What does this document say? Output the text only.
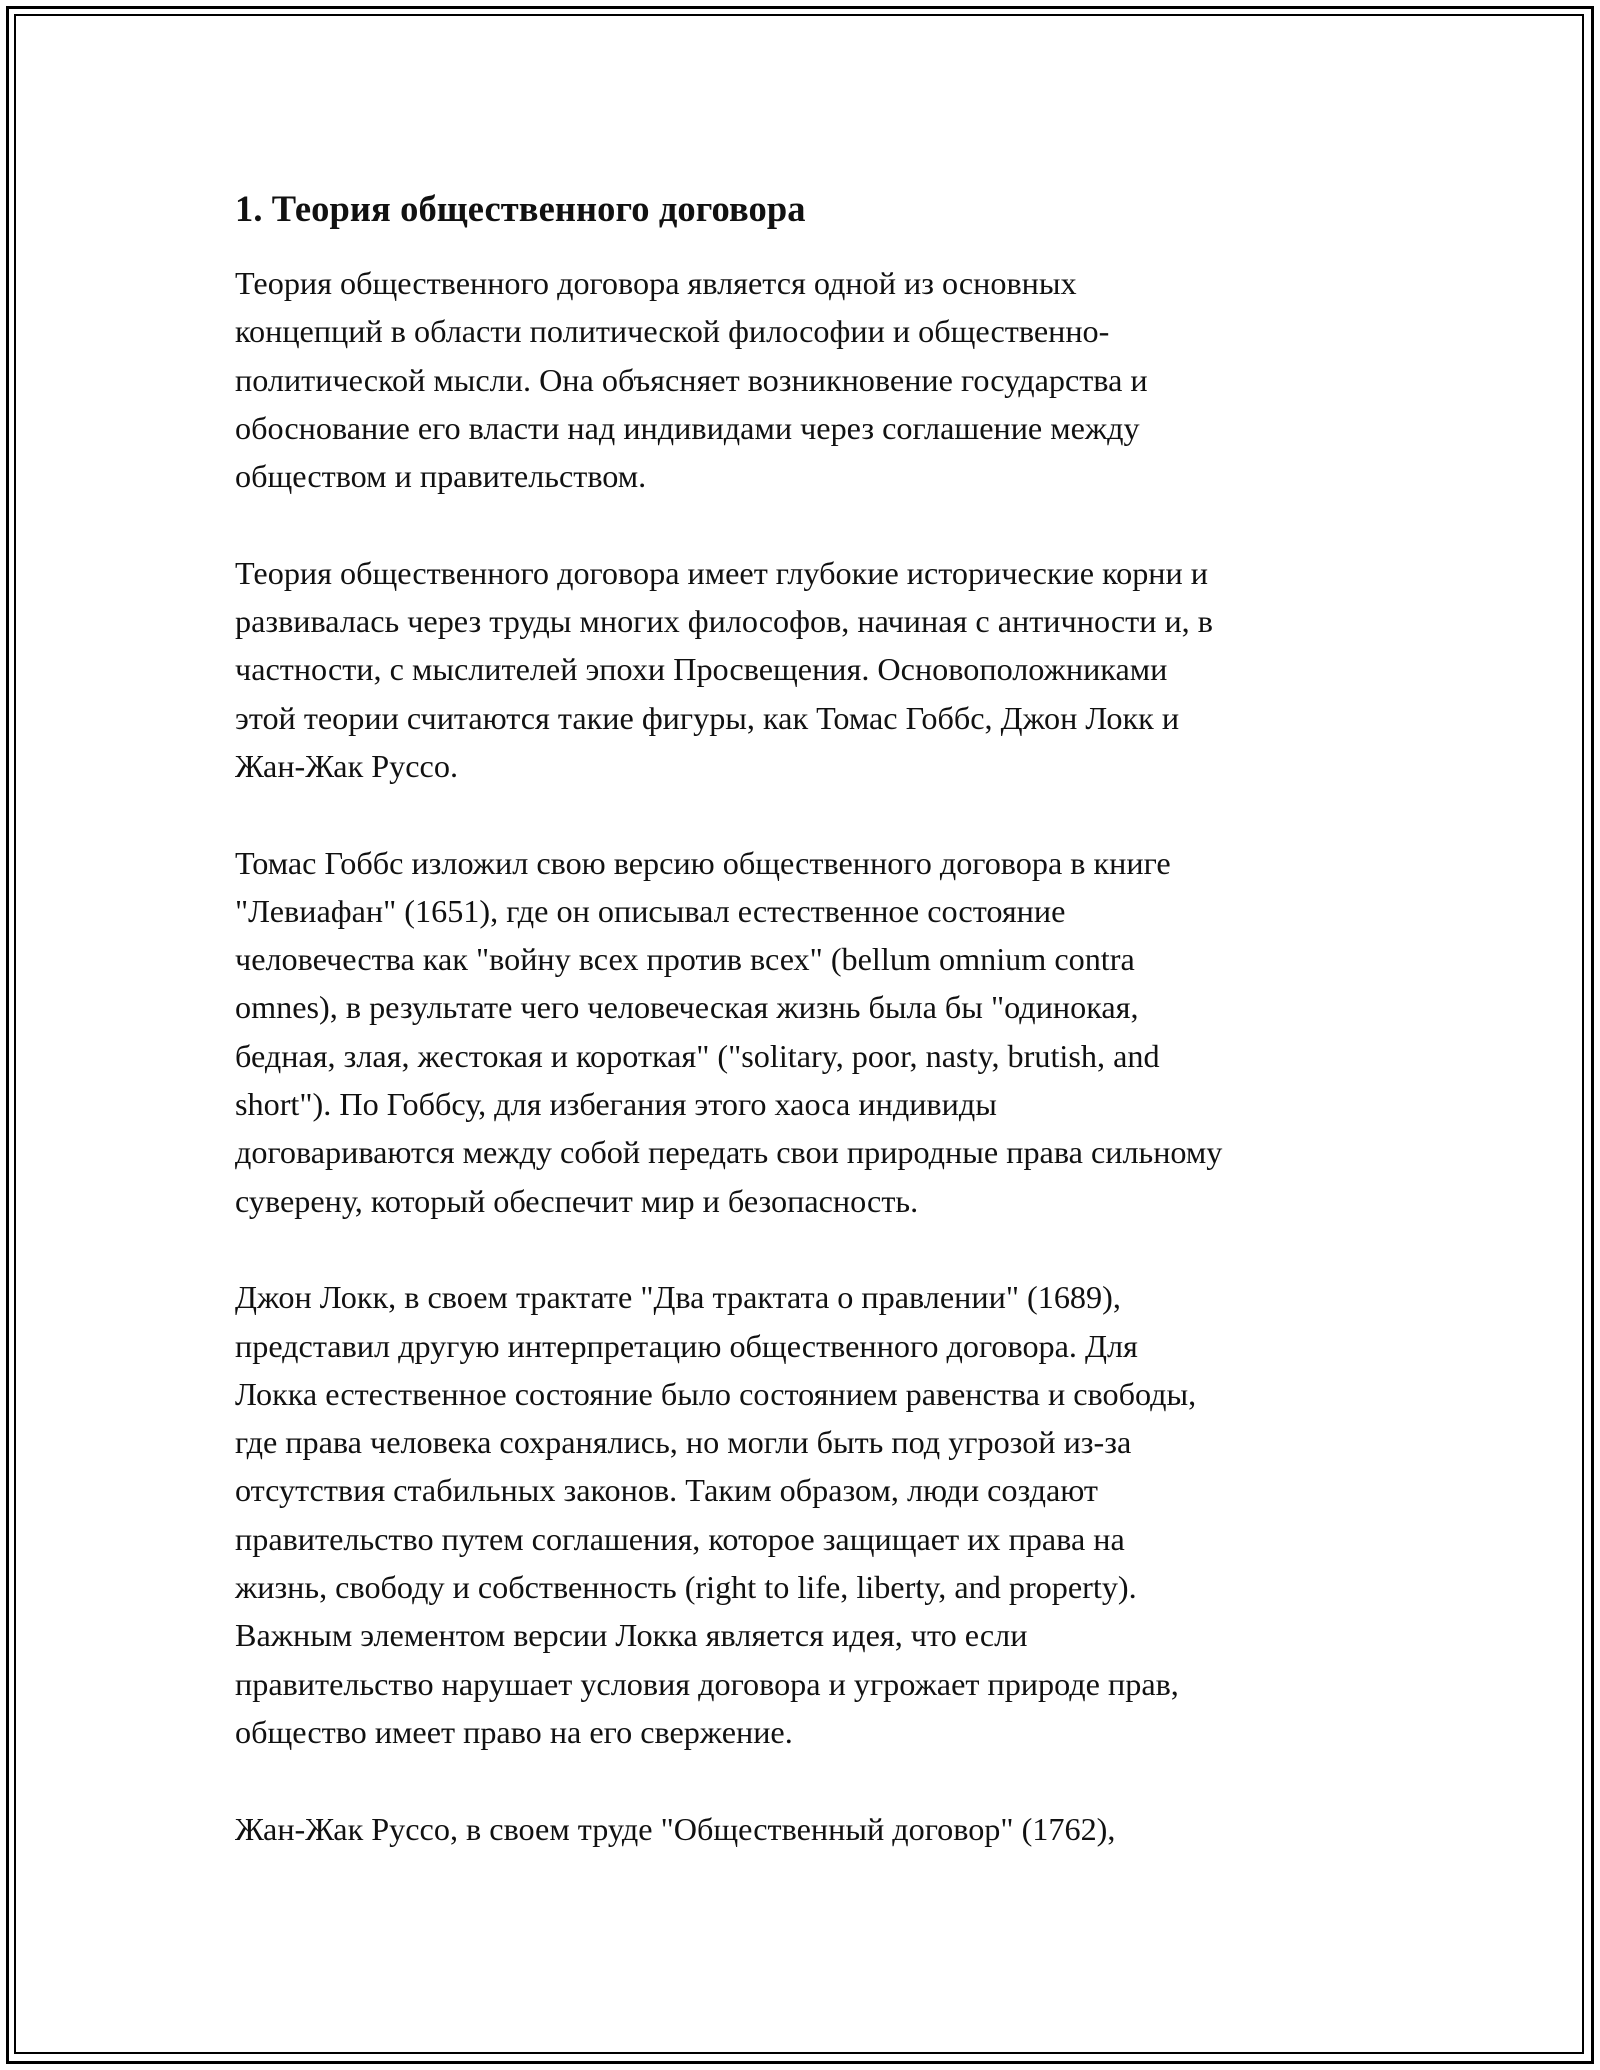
1. Теория общественного договора
Теория общественного договора является одной из основных
концепций в области политической философии и общественно-
политической мысли. Она объясняет возникновение государства и
обоснование его власти над индивидами через соглашение между
обществом и правительством.
Теория общественного договора имеет глубокие исторические корни и
развивалась через труды многих философов, начиная с античности и, в
частности, с мыслителей эпохи Просвещения. Основоположниками
этой теории считаются такие фигуры, как Томас Гоббс, Джон Локк и
Жан-Жак Руссо.
Томас Гоббс изложил свою версию общественного договора в книге
"Левиафан" (1651), где он описывал естественное состояние
человечества как "войну всех против всех" (bellum omnium contra
omnes), в результате чего человеческая жизнь была бы "одинокая,
бедная, злая, жестокая и короткая" ("solitary, poor, nasty, brutish, and
short"). По Гоббсу, для избегания этого хаоса индивиды
договариваются между собой передать свои природные права сильному
суверену, который обеспечит мир и безопасность.
Джон Локк, в своем трактате "Два трактата о правлении" (1689),
представил другую интерпретацию общественного договора. Для
Локка естественное состояние было состоянием равенства и свободы,
где права человека сохранялись, но могли быть под угрозой из-за
отсутствия стабильных законов. Таким образом, люди создают
правительство путем соглашения, которое защищает их права на
жизнь, свободу и собственность (right to life, liberty, and property).
Важным элементом версии Локка является идея, что если
правительство нарушает условия договора и угрожает природе прав,
общество имеет право на его свержение.
Жан-Жак Руссо, в своем труде "Общественный договор" (1762),
